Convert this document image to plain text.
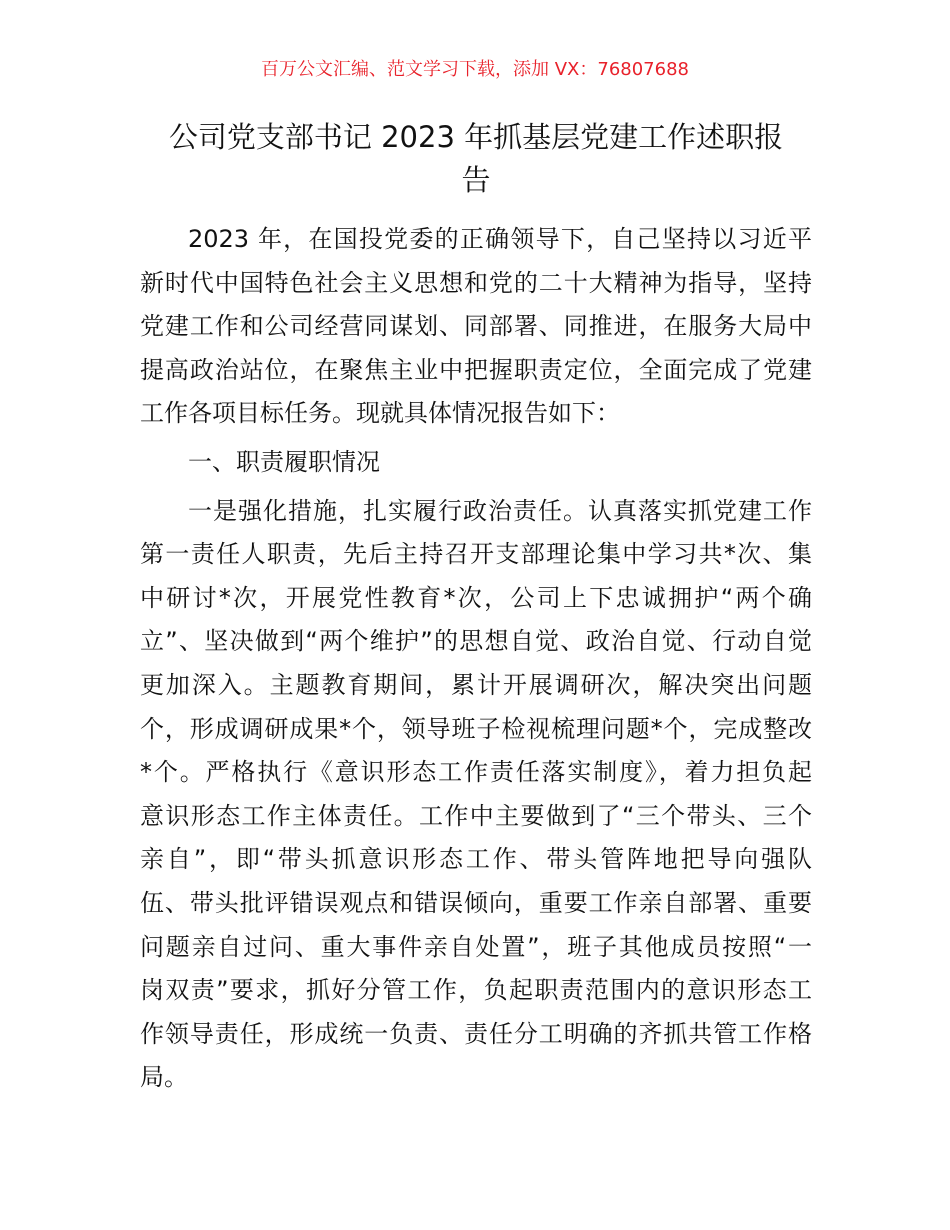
百万公文汇编、范文学习下载，添加 VX：76807688
公司党支部书记 2023 年抓基层党建工作述职报
告
2023 年，在国投党委的正确领导下，自己坚持以习近平
新时代中国特色社会主义思想和党的二十大精神为指导，坚持
党建工作和公司经营同谋划、同部署、同推进，在服务大局中
提高政治站位，在聚焦主业中把握职责定位，全面完成了党建
工作各项目标任务。现就具体情况报告如下：
一、职责履职情况
一是强化措施，扎实履行政治责任。认真落实抓党建工作
第一责任人职责，先后主持召开支部理论集中学习共*次、集
中研讨*次，开展党性教育*次，公司上下忠诚拥护“两个确
立”、坚决做到“两个维护”的思想自觉、政治自觉、行动自觉
更加深入。主题教育期间，累计开展调研次，解决突出问题
个，形成调研成果*个，领导班子检视梳理问题*个，完成整改
*个。严格执行《意识形态工作责任落实制度》，着力担负起
意识形态工作主体责任。工作中主要做到了“三个带头、三个
亲自”，即“带头抓意识形态工作、带头管阵地把导向强队
伍、带头批评错误观点和错误倾向，重要工作亲自部署、重要
问题亲自过问、重大事件亲自处置”，班子其他成员按照“一
岗双责”要求，抓好分管工作，负起职责范围内的意识形态工
作领导责任，形成统一负责、责任分工明确的齐抓共管工作格
局。
